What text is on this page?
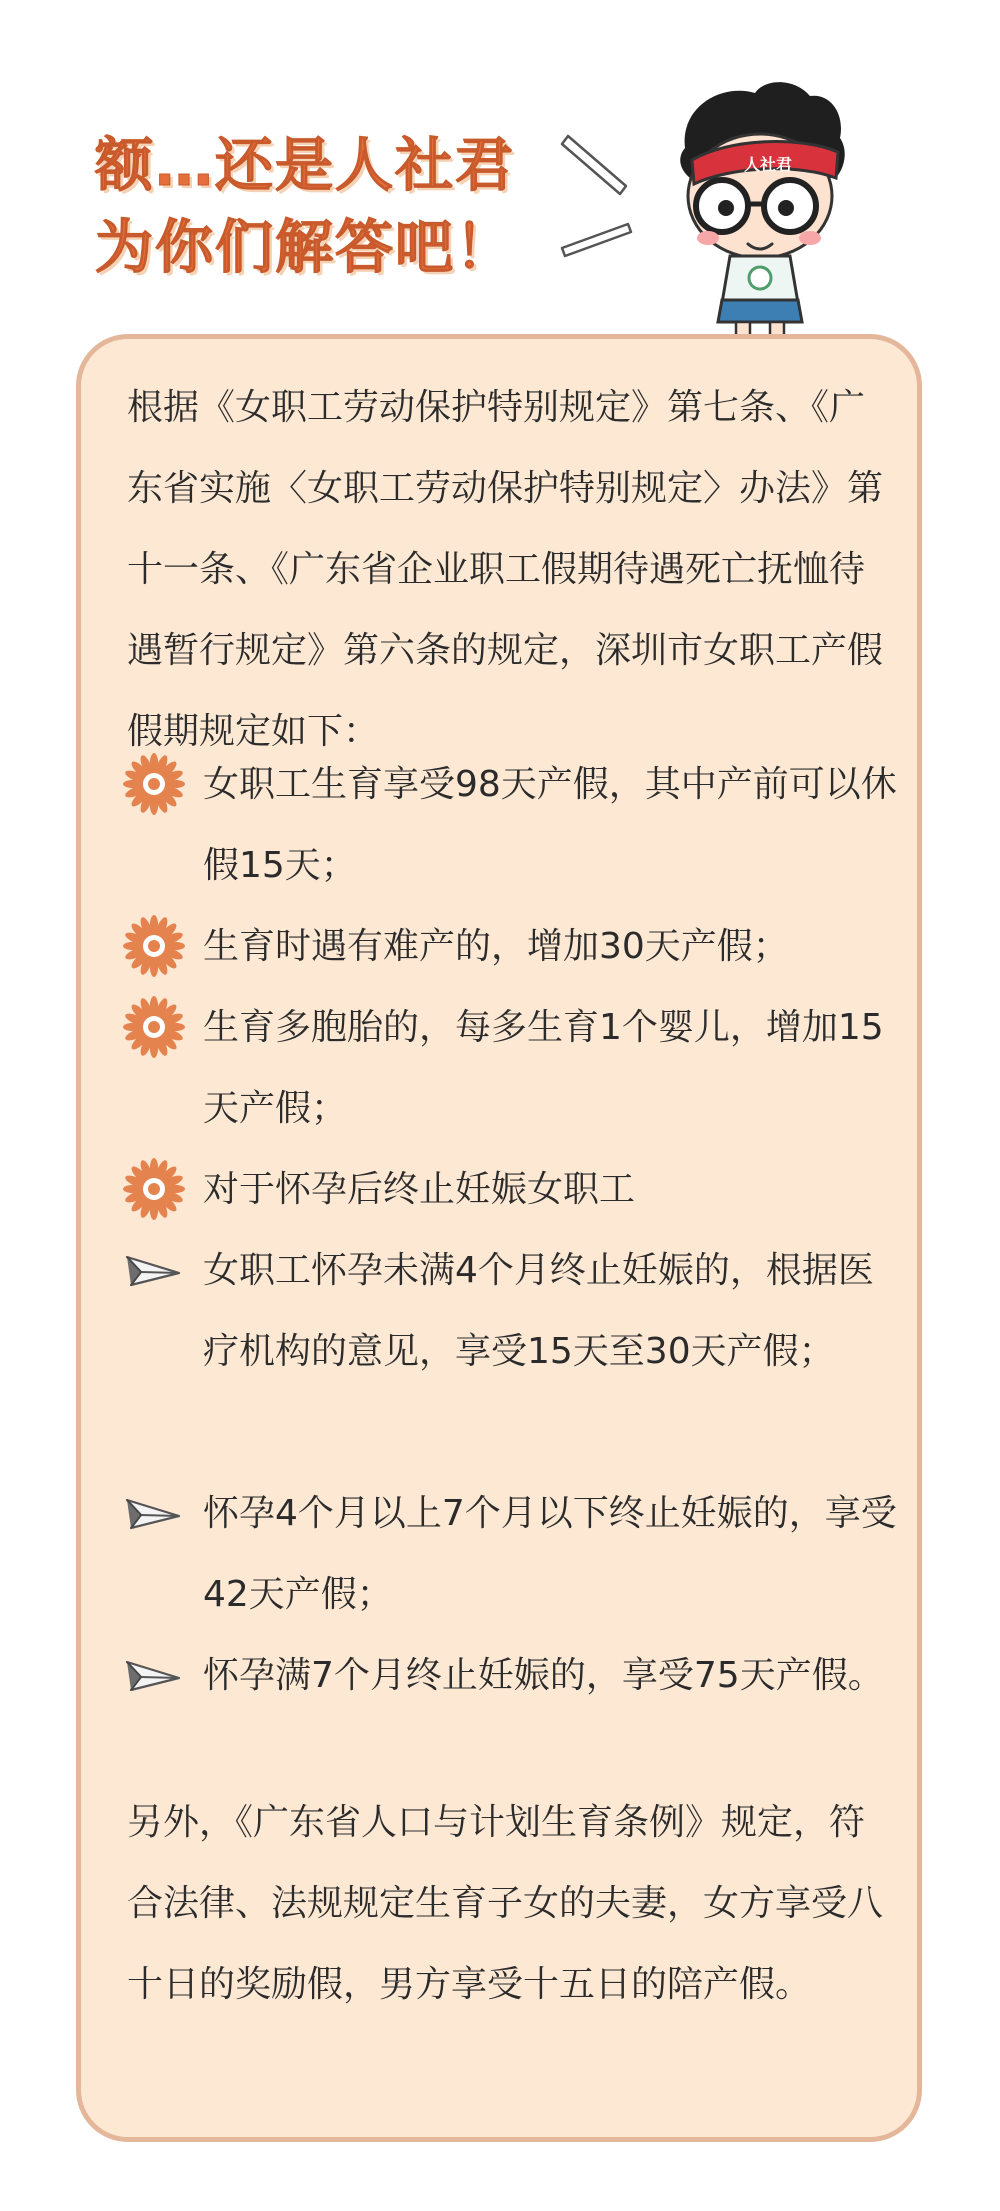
额…还是人社君
为你们解答吧！
人社君

根据《女职工劳动保护特别规定》第七条、《广东省实施〈女职工劳动保护特别规定〉办法》第十一条、《广东省企业职工假期待遇死亡抚恤待遇暂行规定》第六条的规定，深圳市女职工产假假期规定如下：

女职工生育享受98天产假，其中产前可以休假15天；
生育时遇有难产的，增加30天产假；
生育多胞胎的，每多生育1个婴儿，增加15天产假；
对于怀孕后终止妊娠女职工
女职工怀孕未满4个月终止妊娠的，根据医疗机构的意见，享受15天至30天产假；
怀孕4个月以上7个月以下终止妊娠的，享受42天产假；
怀孕满7个月终止妊娠的，享受75天产假。

另外，《广东省人口与计划生育条例》规定，符合法律、法规规定生育子女的夫妻，女方享受八十日的奖励假，男方享受十五日的陪产假。
